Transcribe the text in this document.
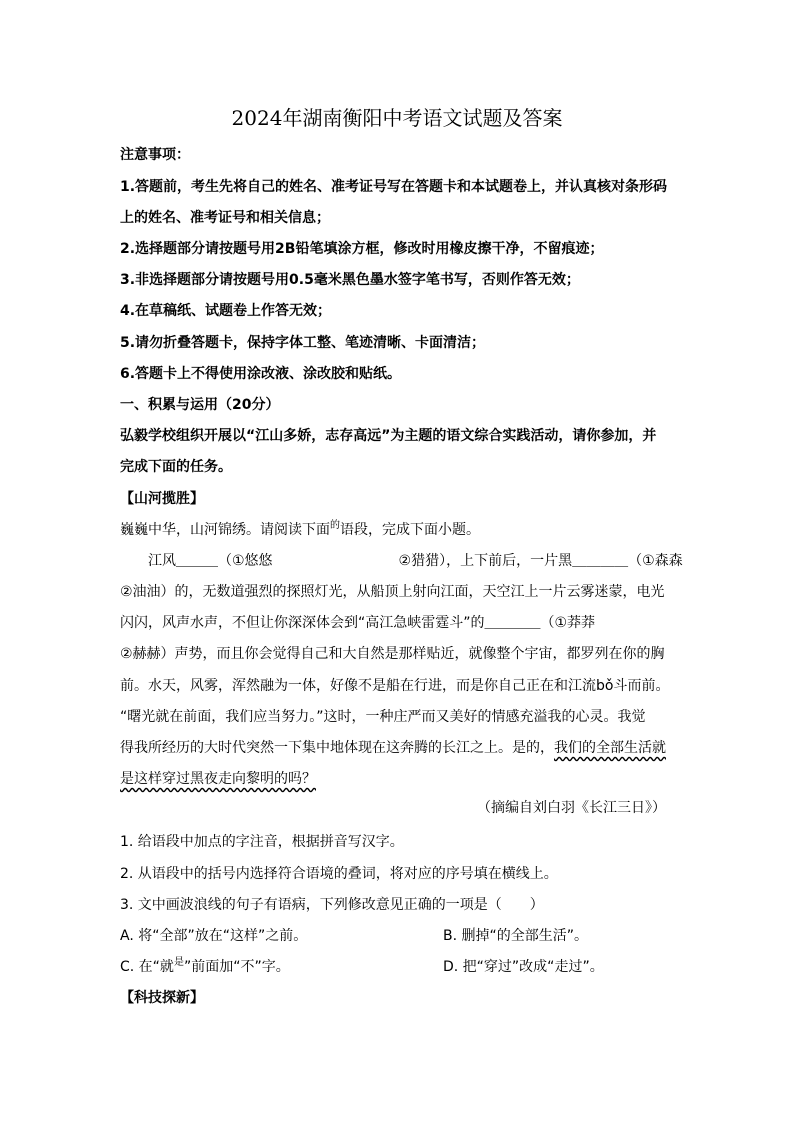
2024年湖南衡阳中考语文试题及答案
注意事项：
1.答题前，考生先将自己的姓名、准考证号写在答题卡和本试题卷上，并认真核对条形码
上的姓名、准考证号和相关信息；
2.选择题部分请按题号用2B铅笔填涂方框，修改时用橡皮擦干净，不留痕迹；
3.非选择题部分请按题号用0.5毫米黑色墨水签字笔书写，否则作答无效；
4.在草稿纸、试题卷上作答无效；
5.请勿折叠答题卡，保持字体工整、笔迹清晰、卡面清洁；
6.答题卡上不得使用涂改液、涂改胶和贴纸。
一、积累与运用（20分）
弘毅学校组织开展以“江山多娇，志存高远”为主题的语文综合实践活动，请你参加，并
完成下面的任务。
【山河揽胜】
巍巍中华，山河锦绣。请阅读下面$^的$语段，完成下面小题。
　　江风＿＿＿（①悠悠　　　　　　　　　②猎猎），上下前后，一片黑＿＿＿＿（①森森
②油油）的，无数道强烈的探照灯光，从船顶上射向江面，天空江上一片云雾迷蒙，电光
闪闪，风声水声，不但让你深深体会到“高江急峡雷霆斗”的＿＿＿＿（①莽莽
②赫赫）声势，而且你会觉得自己和大自然是那样贴近，就像整个宇宙，都罗列在你的胸
前。水天，风雾，浑然融为一体，好像不是船在行进，而是你自己正在和江流bǒ斗而前。
“曙光就在前面，我们应当努力。”这时，一种庄严而又美好的情感充溢我的心灵。我觉
得我所经历的大时代突然一下集中地体现在这奔腾的长江之上。是的，我们的全部生活就
是这样穿过黑夜走向黎明的吗？
（摘编自刘白羽《长江三日》）
1. 给语段中加点的字注音，根据拼音写汉字。
2. 从语段中的括号内选择符合语境的叠词，将对应的序号填在横线上。
3. 文中画波浪线的句子有语病，下列修改意见正确的一项是（　　）
A. 将“全部”放在“这样”之前。	B. 删掉“的全部生活”。
C. 在“就$^是$”前面加“不”字。	D. 把“穿过”改成“走过”。
【科技探新】
